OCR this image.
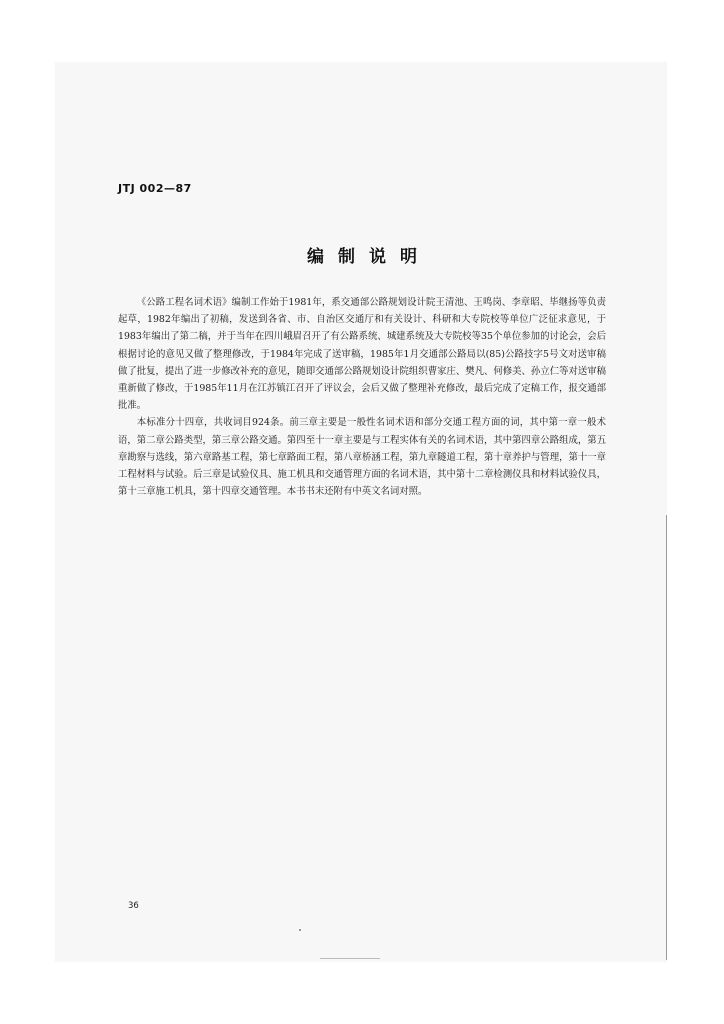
JTJ 002—87
编制说明

《公路工程名词术语》编制工作始于1981年，系交通部公路规划设计院王清池、王鸣岗、李章昭、毕继扬等负责起草，1982年编出了初稿，发送到各省、市、自治区交通厅和有关设计、科研和大专院校等单位广泛征求意见，于1983年编出了第二稿，并于当年在四川峨眉召开了有公路系统、城建系统及大专院校等35个单位参加的讨论会，会后根据讨论的意见又做了整理修改，于1984年完成了送审稿，1985年1月交通部公路局以(85)公路技字5号文对送审稿做了批复，提出了进一步修改补充的意见，随即交通部公路规划设计院组织曹家庄、樊凡、何修美、孙立仁等对送审稿重新做了修改，于1985年11月在江苏镇江召开了评议会，会后又做了整理补充修改，最后完成了定稿工作，报交通部批准。

本标准分十四章，共收词目924条。前三章主要是一般性名词术语和部分交通工程方面的词，其中第一章一般术语，第二章公路类型，第三章公路交通。第四至十一章主要是与工程实体有关的名词术语，其中第四章公路组成，第五章勘察与选线，第六章路基工程，第七章路面工程，第八章桥涵工程，第九章隧道工程，第十章养护与管理，第十一章工程材料与试验。后三章是试验仪具、施工机具和交通管理方面的名词术语，其中第十二章检测仪具和材料试验仪具，第十三章施工机具，第十四章交通管理。本书书末还附有中英文名词对照。

36
